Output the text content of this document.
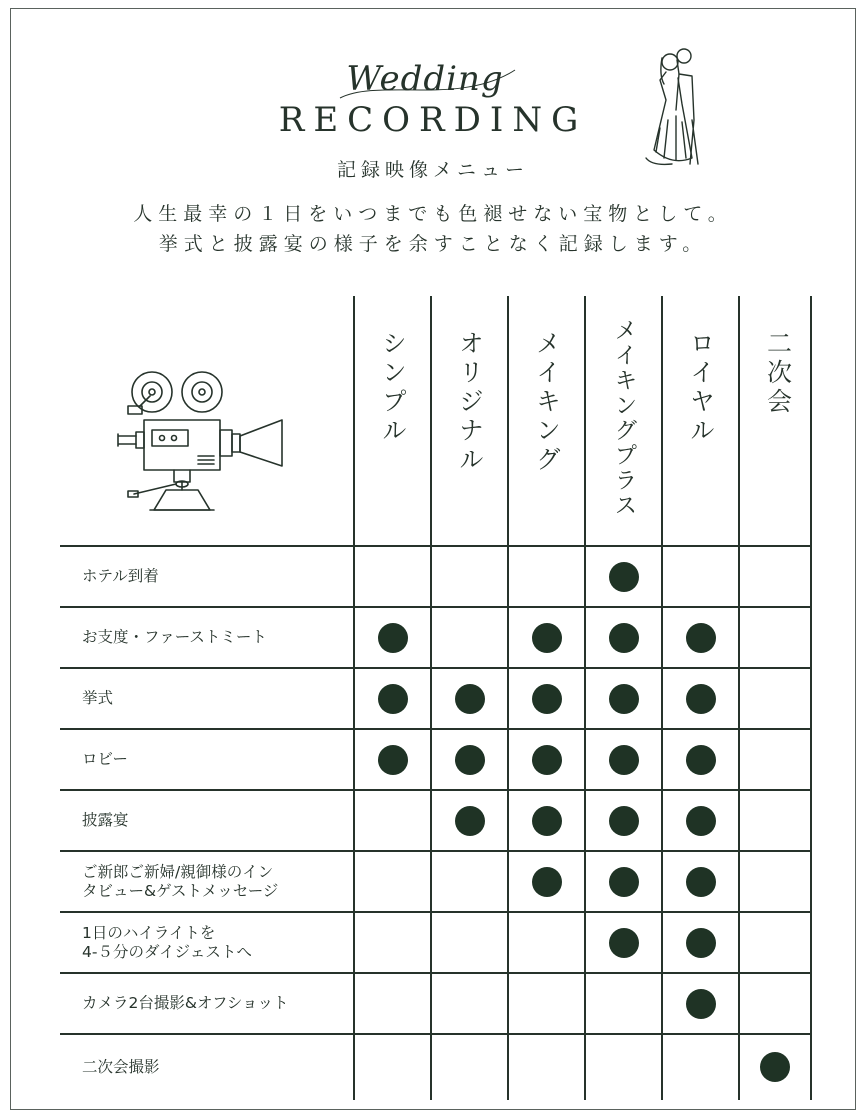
Wedding
RECORDING
記録映像メニュー
人生最幸の１日をいつまでも色褪せない宝物として。
挙式と披露宴の様子を余すことなく記録します。
シンプル オリジナル メイキング メイキングプラス ロイヤル 二次会
ホテル到着
お支度・ファーストミート
挙式
ロビー
披露宴
ご新郎ご新婦/親御様のイン
タビュー&ゲストメッセージ
1日のハイライトを
4-５分のダイジェストへ
カメラ2台撮影&オフショット
二次会撮影
